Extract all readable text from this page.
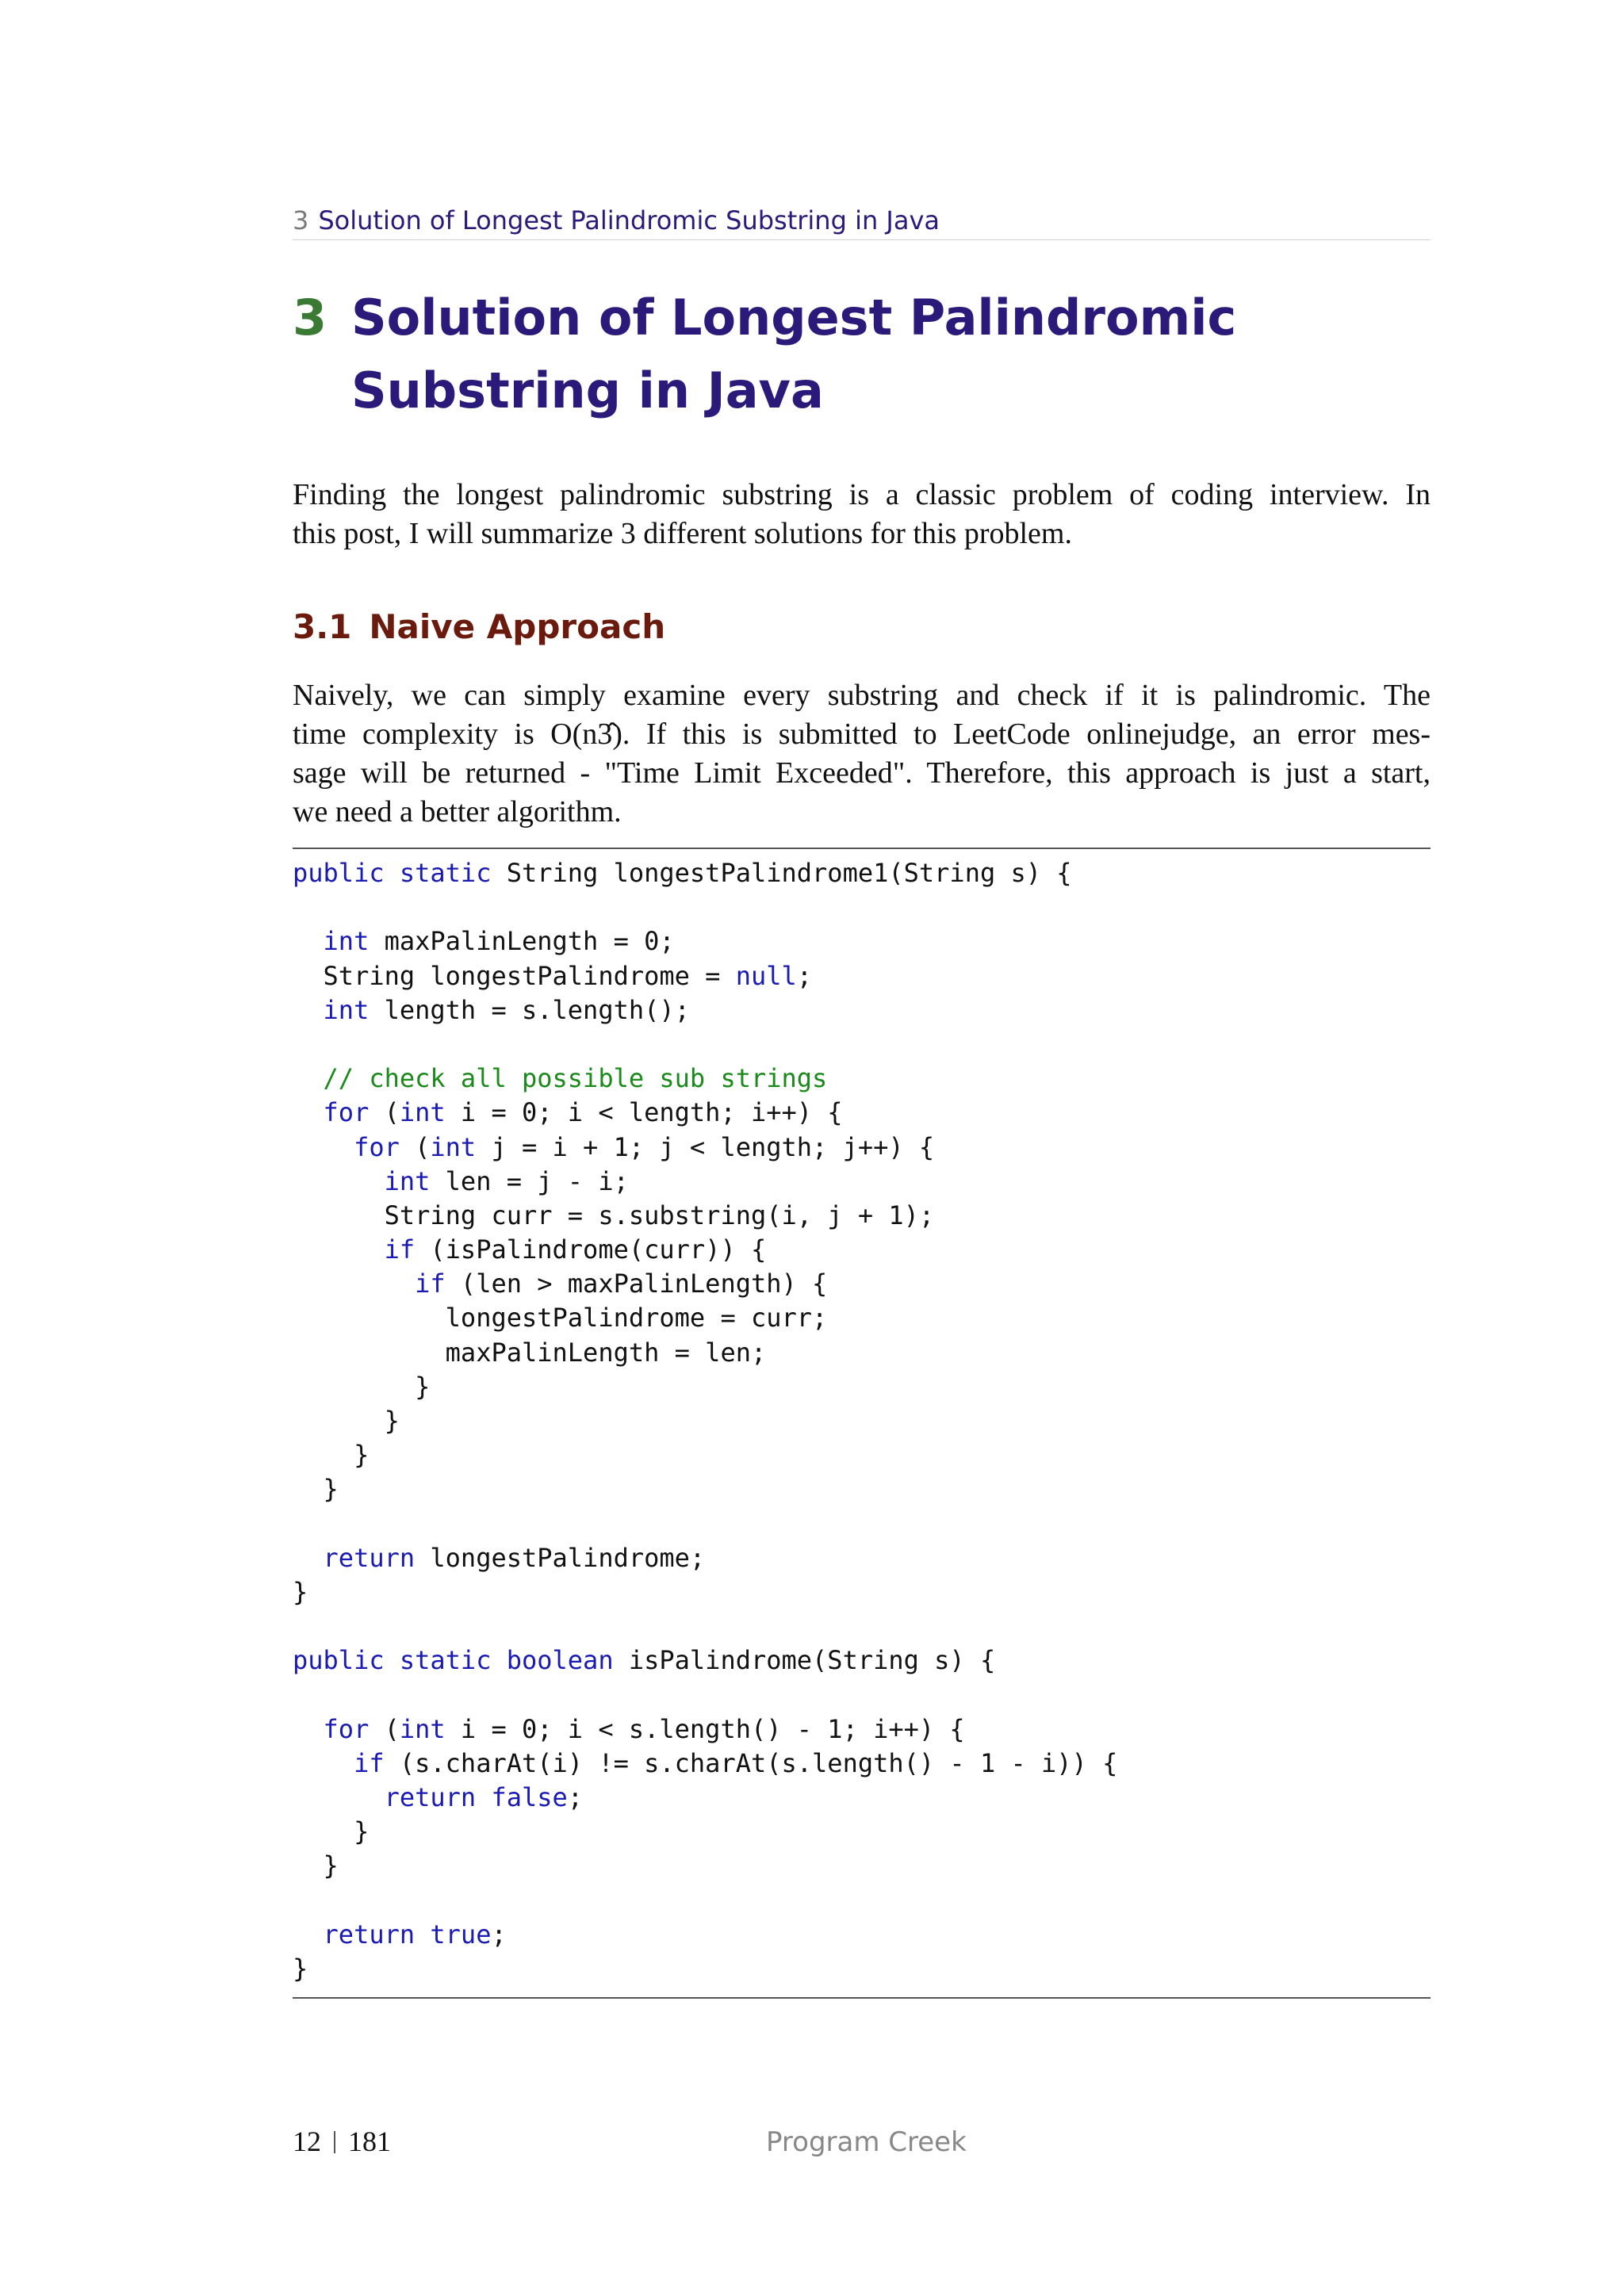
3 Solution of Longest Palindromic Substring in Java
3 Solution of Longest Palindromic Substring in Java

Finding the longest palindromic substring is a classic problem of coding interview. In
this post, I will summarize 3 different solutions for this problem.

3.1 Naive Approach

Naively, we can simply examine every substring and check if it is palindromic. The
time complexity is O(n3̂). If this is submitted to LeetCode onlinejudge, an error mes-
sage will be returned - "Time Limit Exceeded". Therefore, this approach is just a start,
we need a better algorithm.

public static String longestPalindrome1(String s) {

int maxPalinLength = 0;
String longestPalindrome = null;
int length = s.length();

// check all possible sub strings
for (int i = 0; i < length; i++) {
for (int j = i + 1; j < length; j++) {
int len = j - i;
String curr = s.substring(i, j + 1);
if (isPalindrome(curr)) {
if (len > maxPalinLength) {
longestPalindrome = curr;
maxPalinLength = len;
}
}
}
}

return longestPalindrome;
}

public static boolean isPalindrome(String s) {

for (int i = 0; i < s.length() - 1; i++) {
if (s.charAt(i) != s.charAt(s.length() - 1 - i)) {
return false;
}
}

return true;
}
12 181	Program Creek
